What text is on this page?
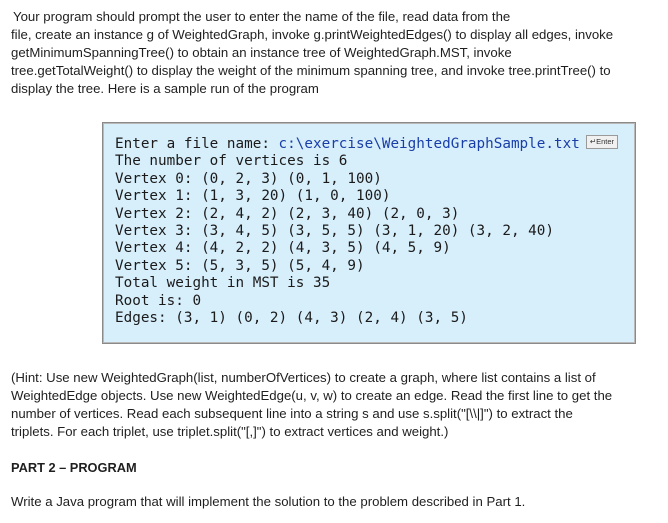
Your program should prompt the user to enter the name of the file, read data from the
file, create an instance g of WeightedGraph, invoke g.printWeightedEdges() to display all edges, invoke
getMinimumSpanningTree() to obtain an instance tree of WeightedGraph.MST, invoke
tree.getTotalWeight() to display the weight of the minimum spanning tree, and invoke tree.printTree() to
display the tree. Here is a sample run of the program
Enter a file name: c:\exercise\WeightedGraphSample.txt ↵Enter
The number of vertices is 6
Vertex 0: (0, 2, 3) (0, 1, 100)
Vertex 1: (1, 3, 20) (1, 0, 100)
Vertex 2: (2, 4, 2) (2, 3, 40) (2, 0, 3)
Vertex 3: (3, 4, 5) (3, 5, 5) (3, 1, 20) (3, 2, 40)
Vertex 4: (4, 2, 2) (4, 3, 5) (4, 5, 9)
Vertex 5: (5, 3, 5) (5, 4, 9)
Total weight in MST is 35
Root is: 0
Edges: (3, 1) (0, 2) (4, 3) (2, 4) (3, 5)
(Hint: Use new WeightedGraph(list, numberOfVertices) to create a graph, where list contains a list of
WeightedEdge objects. Use new WeightedEdge(u, v, w) to create an edge. Read the first line to get the
number of vertices. Read each subsequent line into a string s and use s.split("[\\|]") to extract the
triplets. For each triplet, use triplet.split("[,]") to extract vertices and weight.)
PART 2 – PROGRAM
Write a Java program that will implement the solution to the problem described in Part 1.
